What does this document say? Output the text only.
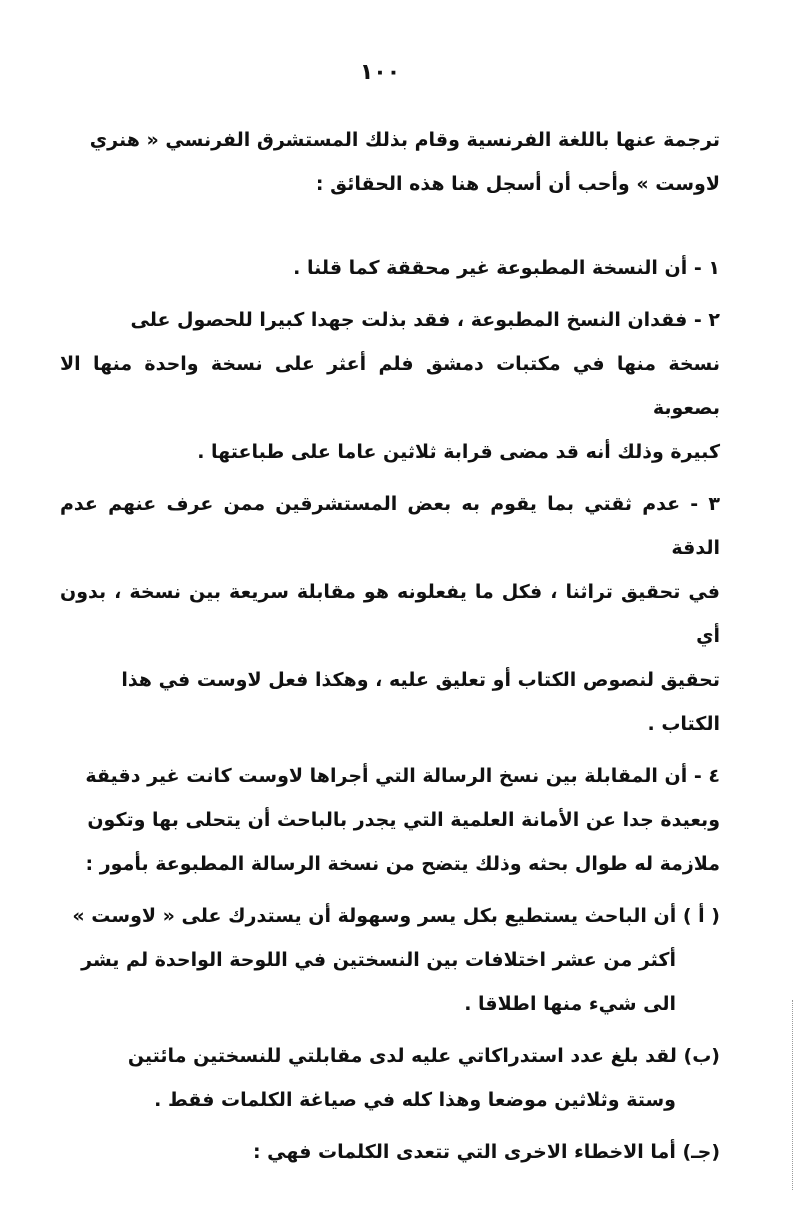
١٠٠

ترجمة عنها باللغة الفرنسية وقام بذلك المستشرق الفرنسي « هنري

لاوست » وأحب أن أسجل هنا هذه الحقائق :

١ - أن النسخة المطبوعة غير محققة كما قلنا .

٢ - فقدان النسخ المطبوعة ، فقد بذلت جهدا كبيرا للحصول على

نسخة منها في مكتبات دمشق فلم أعثر على نسخة واحدة منها الا بصعوبة

كبيرة وذلك أنه قد مضى قرابة ثلاثين عاما على طباعتها .

٣ - عدم ثقتي بما يقوم به بعض المستشرقين ممن عرف عنهم عدم الدقة

في تحقيق تراثنا ، فكل ما يفعلونه هو مقابلة سريعة بين نسخة ، بدون أي

تحقيق لنصوص الكتاب أو تعليق عليه ، وهكذا فعل لاوست في هذا

الكتاب .

٤ - أن المقابلة بين نسخ الرسالة التي أجراها لاوست كانت غير دقيقة

وبعيدة جدا عن الأمانة العلمية التي يجدر بالباحث أن يتحلى بها وتكون

ملازمة له طوال بحثه وذلك يتضح من نسخة الرسالة المطبوعة بأمور :

( أ ) أن الباحث يستطيع بكل يسر وسهولة أن يستدرك على « لاوست »

أكثر من عشر اختلافات بين النسختين في اللوحة الواحدة لم يشر

الى شيء منها اطلاقا .

(ب) لقد بلغ عدد استدراكاتي عليه لدى مقابلتي للنسختين مائتين

وستة وثلاثين موضعا وهذا كله في صياغة الكلمات فقط .

(جـ) أما الاخطاء الاخرى التي تتعدى الكلمات فهي :
